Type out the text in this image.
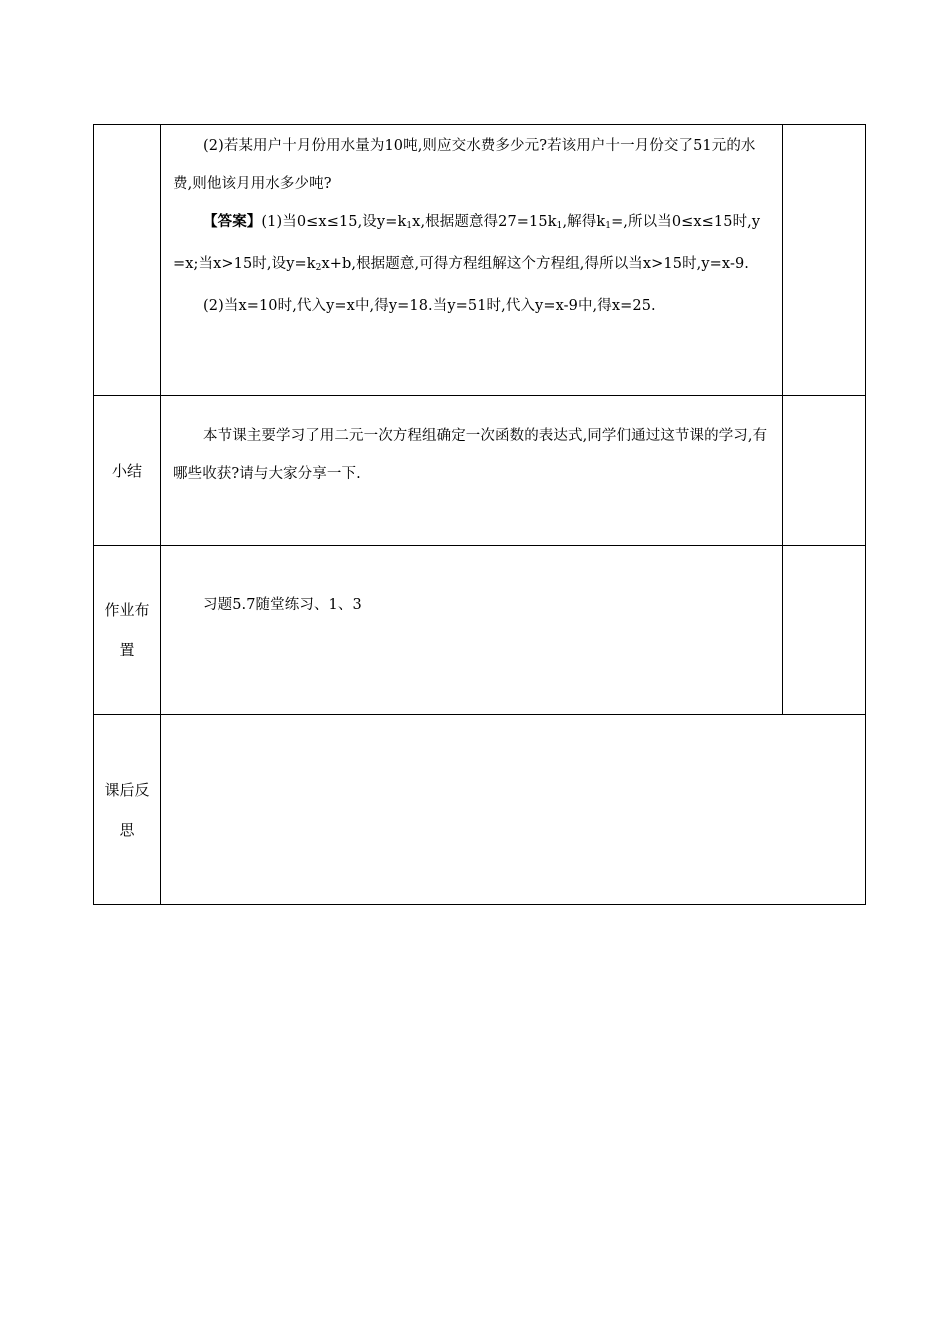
	(2)若某用户十月份用水量为10吨,则应交水费多少元?若该用户十一月份交了51元的水费,则他该月用水多少吨?

【答案】(1)当0≤x≤15,设$y=k_1x$,根据题意得$27=15k_1$,解得$k_1=$,所以当0≤x≤15时,y=x;当x>15时,设$y=k_2x+b$,根据题意,可得方程组解这个方程组,得所以当x>15时,y=x-9.

(2)当x=10时,代入y=x中,得y=18.当y=51时,代入y=x-9中,得x=25.	

小结	本节课主要学习了用二元一次方程组确定一次函数的表达式,同学们通过这节课的学习,有哪些收获?请与大家分享一下.	

作业布
置	习题5.7随堂练习、1、3	

课后反
思		
